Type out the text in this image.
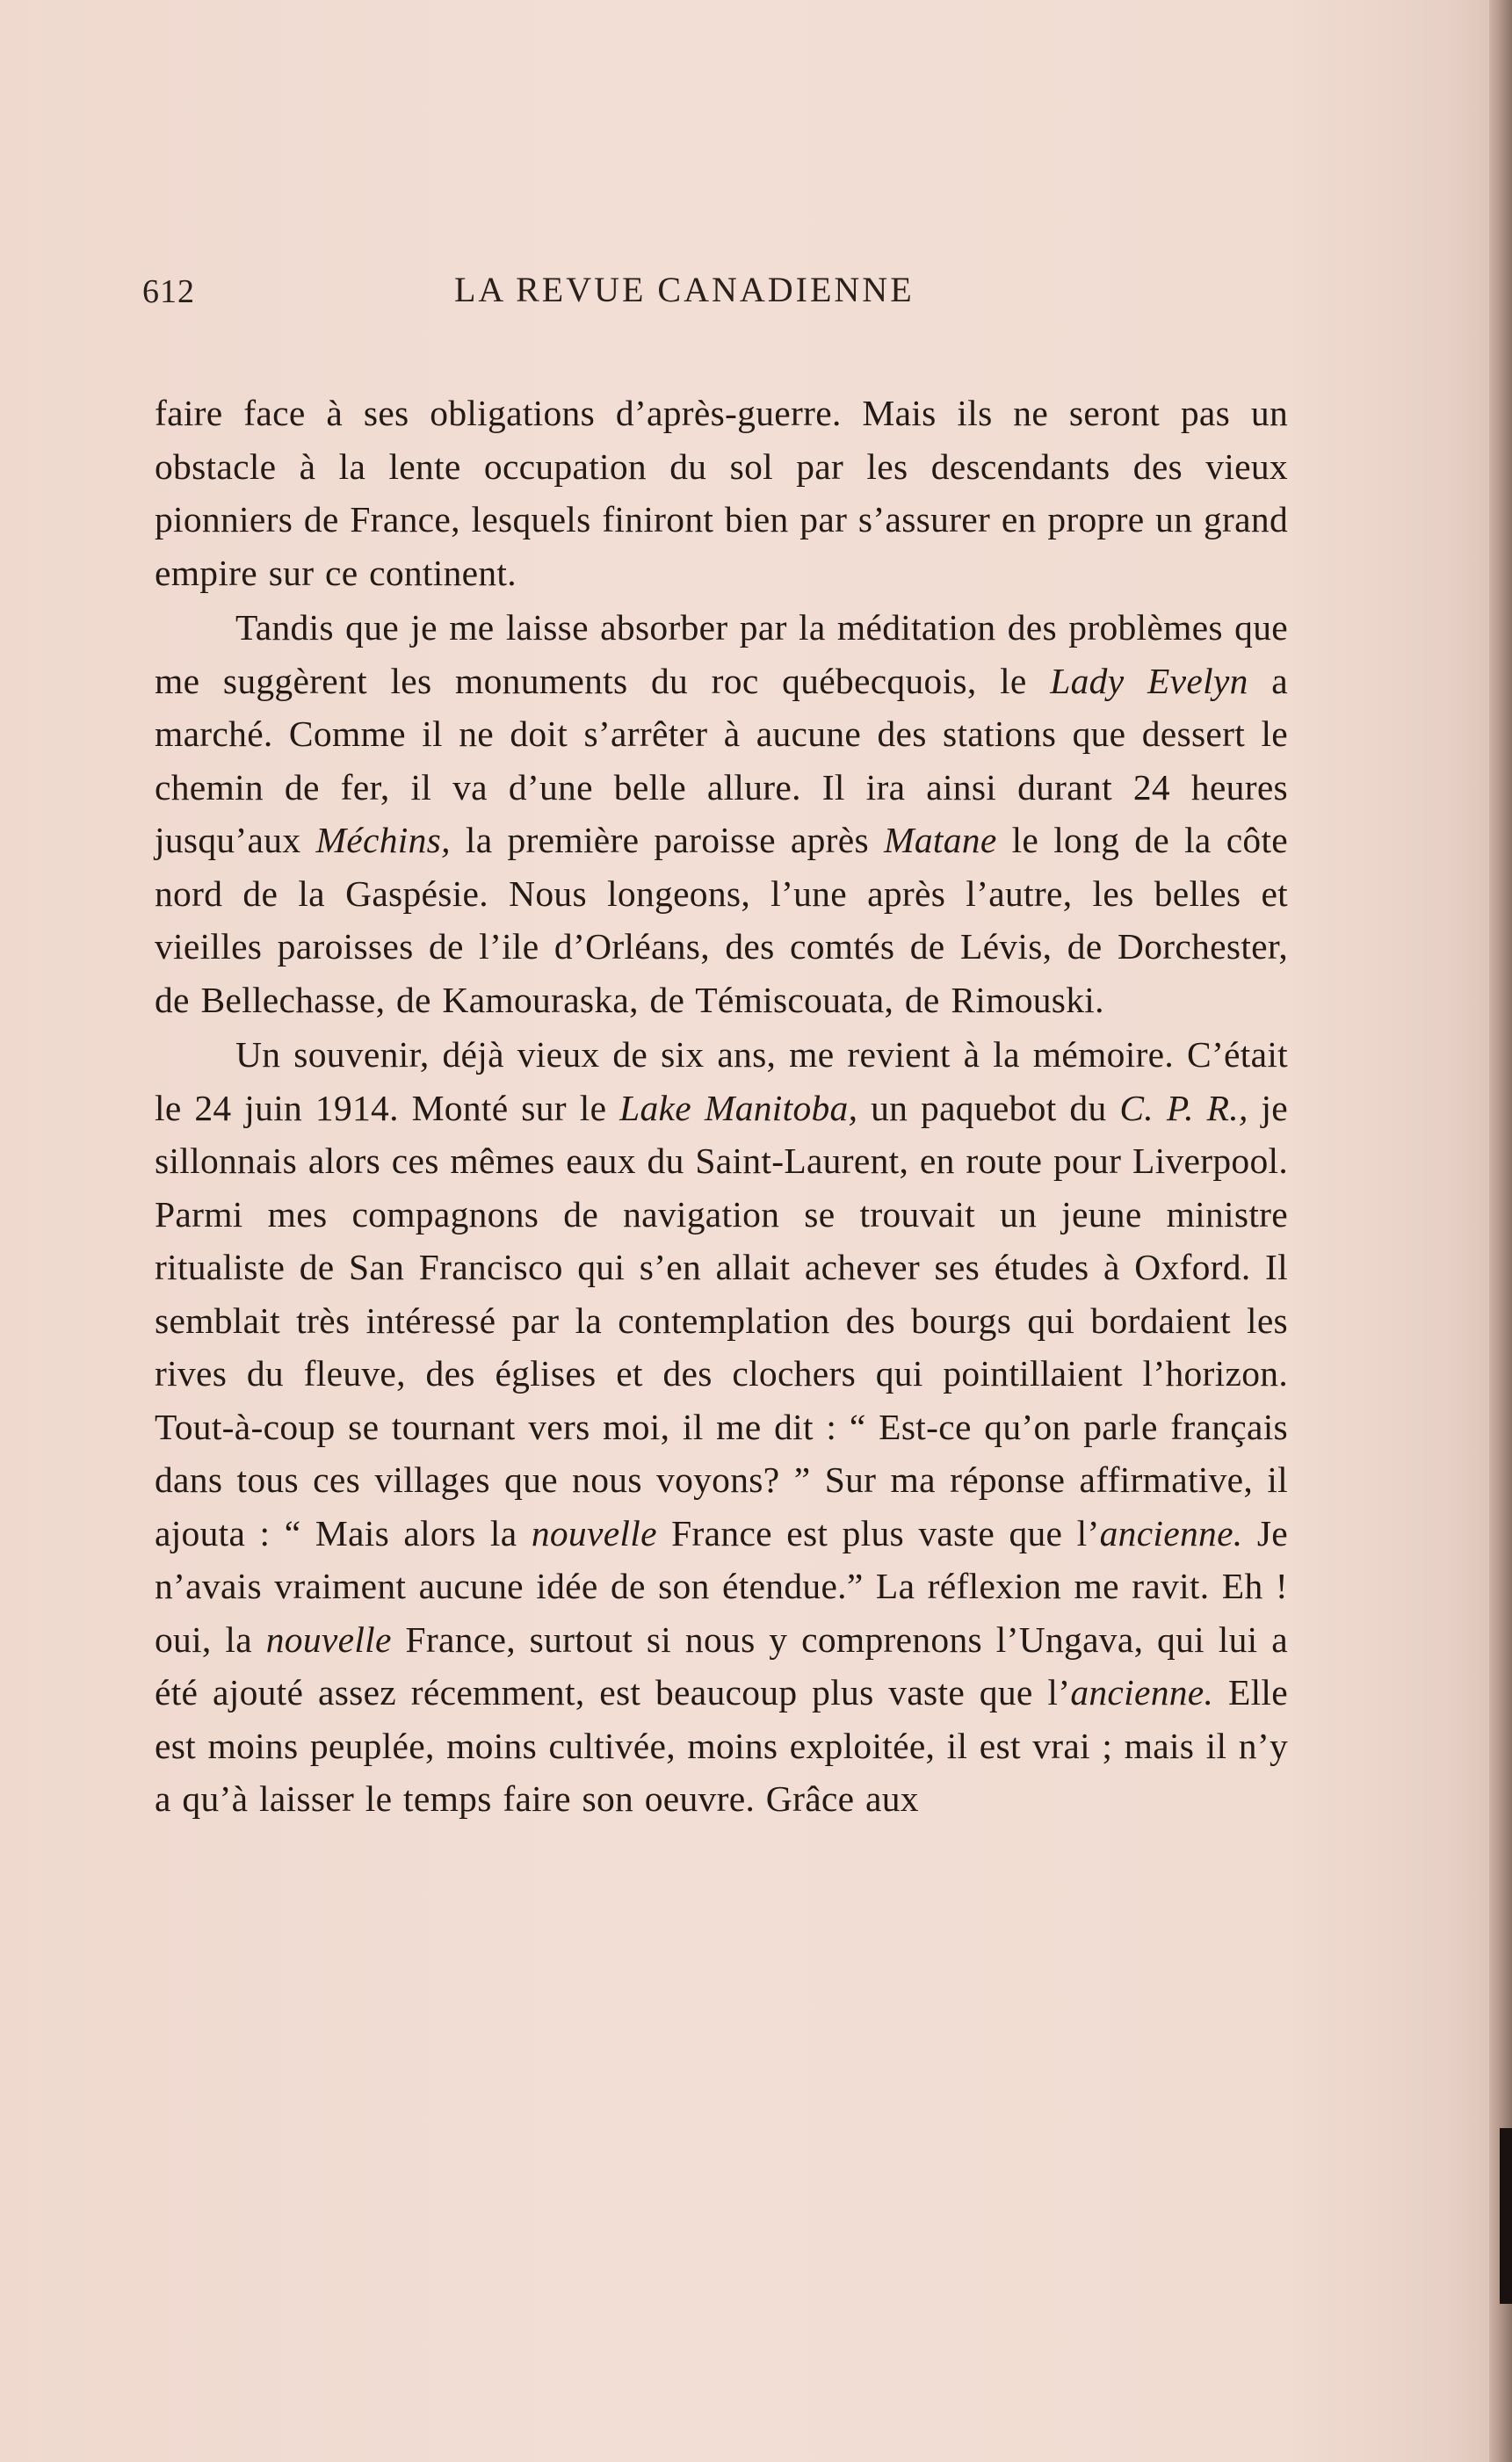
612	LA REVUE CANADIENNE

faire face à ses obligations d’après-guerre. Mais ils ne seront pas un obstacle à la lente occupation du sol par les descendants des vieux pionniers de France, lesquels finiront bien par s’assurer en propre un grand empire sur ce continent.

Tandis que je me laisse absorber par la méditation des problèmes que me suggèrent les monuments du roc québecquois, le Lady Evelyn a marché. Comme il ne doit s’arrêter à aucune des stations que dessert le chemin de fer, il va d’une belle allure. Il ira ainsi durant 24 heures jusqu’aux Méchins, la première paroisse après Matane le long de la côte nord de la Gaspésie. Nous longeons, l’une après l’autre, les belles et vieilles paroisses de l’ile d’Orléans, des comtés de Lévis, de Dorchester, de Bellechasse, de Kamouraska, de Témiscouata, de Rimouski.

Un souvenir, déjà vieux de six ans, me revient à la mémoire. C’était le 24 juin 1914. Monté sur le Lake Manitoba, un paquebot du C. P. R., je sillonnais alors ces mêmes eaux du Saint-Laurent, en route pour Liverpool. Parmi mes compagnons de navigation se trouvait un jeune ministre ritualiste de San Francisco qui s’en allait achever ses études à Oxford. Il semblait très intéressé par la contemplation des bourgs qui bordaient les rives du fleuve, des églises et des clochers qui pointillaient l’horizon. Tout-à-coup se tournant vers moi, il me dit : “ Est-ce qu’on parle français dans tous ces villages que nous voyons? ” Sur ma réponse affirmative, il ajouta : “ Mais alors la nouvelle France est plus vaste que l’ancienne. Je n’avais vraiment aucune idée de son étendue.” La réflexion me ravit. Eh ! oui, la nouvelle France, surtout si nous y comprenons l’Ungava, qui lui a été ajouté assez récemment, est beaucoup plus vaste que l’ancienne. Elle est moins peuplée, moins cultivée, moins exploitée, il est vrai ; mais il n’y a qu’à laisser le temps faire son oeuvre. Grâce aux
